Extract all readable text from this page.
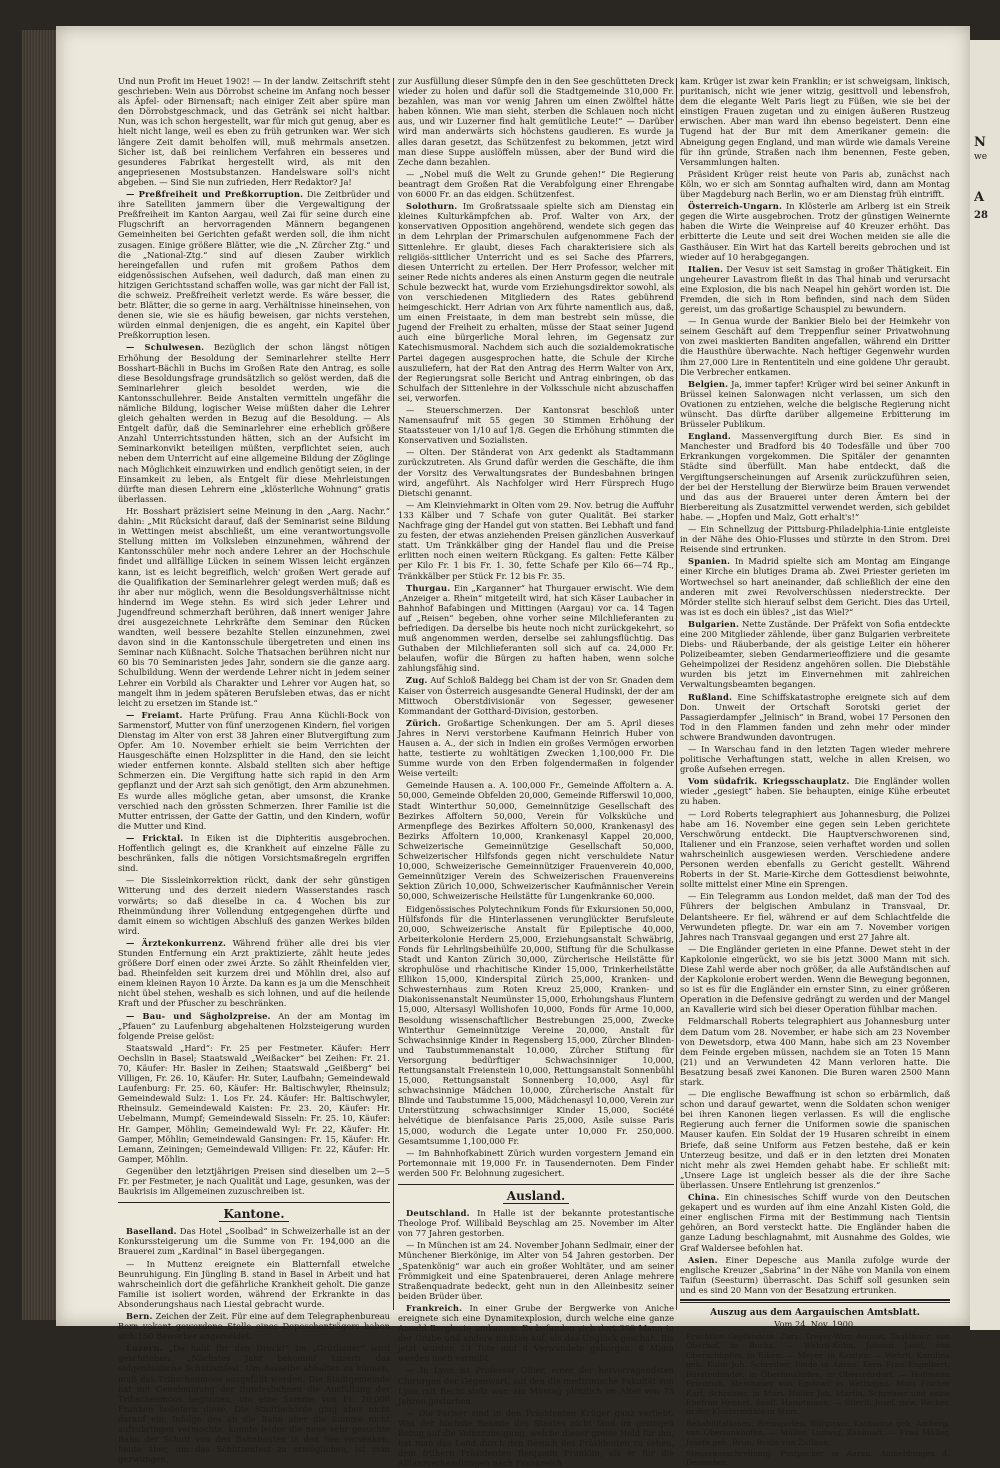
N
we
A
28

Und nun Profit im Heuet 1902! — In der landw. Zeitschrift steht geschrieben: Wein aus Dörrobst scheine im Anfang noch besser als Äpfel- oder Birnensaft; nach einiger Zeit aber spüre man den Dörrobstgeschmack, und das Getränk sei nicht haltbar. Nun, was ich schon hergestellt, war für mich gut genug, aber es hielt nicht lange, weil es eben zu früh getrunken war. Wer sich längere Zeit damit beholfen will, muß mehrmals ansetzen. Sicher ist, daß bei reinlichem Verfahren ein besseres und gesunderes Fabrikat hergestellt wird, als mit den angepriesenen Mostsubstanzen. Handelsware soll's nicht abgeben. — Sind Sie nun zufrieden, Herr Redaktor? Ja!

— Preßfreiheit und Preßkorruption. Die Zeitbrüder und ihre Satelliten jammern über die Vergewaltigung der Preßfreiheit im Kanton Aargau, weil Zai für seine durch eine Flugschrift an hervorragenden Männern begangenen Gemeinheiten bei Gerichten gefaßt werden soll, die ihm nicht zusagen. Einige größere Blätter, wie die „N. Zürcher Ztg.“ und die „National-Ztg.“ sind auf diesen Zauber wirklich hereingefallen und rufen mit großem Pathos dem eidgenössischen Aufsehen, weil dadurch, daß man einen zu hitzigen Gerichtsstand schaffen wolle, was gar nicht der Fall ist, die schweiz. Preßfreiheit verletzt werde. Es wäre besser, die betr. Blätter, die so gerne in aarg. Verhältnisse hineinsehen, von denen sie, wie sie es häufig beweisen, gar nichts verstehen, würden einmal denjenigen, die es angeht, ein Kapitel über Preßkorruption lesen.

— Schulwesen. Bezüglich der schon längst nötigen Erhöhung der Besoldung der Seminarlehrer stellte Herr Bosshart-Bächli in Buchs im Großen Rate den Antrag, es solle diese Besoldungsfrage grundsätzlich so gelöst werden, daß die Seminarlehrer gleich besoldet werden, wie die Kantonsschullehrer. Beide Anstalten vermitteln ungefähr die nämliche Bildung, logischer Weise müßten daher die Lehrer gleich gehalten werden in Bezug auf die Besoldung. — Als Entgelt dafür, daß die Seminarlehrer eine erheblich größere Anzahl Unterrichtsstunden hätten, sich an der Aufsicht im Seminarkonvikt beteiligen müßten, verpflichtet seien, auch neben dem Unterricht auf eine allgemeine Bildung der Zöglinge nach Möglichkeit einzuwirken und endlich genötigt seien, in der Einsamkeit zu leben, als Entgelt für diese Mehrleistungen dürfte man diesen Lehrern eine „klösterliche Wohnung“ gratis überlassen.

Hr. Bosshart präzisiert seine Meinung in den „Aarg. Nachr.“ dahin: „Mit Rücksicht darauf, daß der Seminarist seine Bildung in Wettingen meist abschließt, um eine verantwortungsvolle Stellung mitten im Volksleben einzunehmen, während der Kantonsschüler mehr noch andere Lehrer an der Hochschule findet und allfällige Lücken in seinem Wissen leicht ergänzen kann, ist es leicht begreiflich, welch' großen Wert gerade auf die Qualifikation der Seminarlehrer gelegt werden muß; daß es ihr aber nur möglich, wenn die Besoldungsverhältnisse nicht hindernd im Wege stehn. Es wird sich jeder Lehrer und Jugendfreund schmerzhaft berühren, daß innert weniger Jahre drei ausgezeichnete Lehrkräfte dem Seminar den Rücken wandten, weil bessere bezahlte Stellen einzunehmen, zwei davon sind in die Kantonsschule übergetreten und einen ins Seminar nach Küßnacht. Solche Thatsachen berühren nicht nur 60 bis 70 Seminaristen jedes Jahr, sondern sie die ganze aarg. Schulbildung. Wenn der werdende Lehrer nicht in jedem seiner Lehrer ein Vorbild als Charakter und Lehrer vor Augen hat, so mangelt ihm in jedem späteren Berufsleben etwas, das er nicht leicht zu ersetzen im Stande ist.“

— Freiamt. Harte Prüfung. Frau Anna Küchli-Bock von Sarmenstorf, Mutter von fünf unerzogenen Kindern, fiel vorigen Dienstag im Alter von erst 38 Jahren einer Blutvergiftung zum Opfer. Am 10. November erhielt sie beim Verrichten der Hausgeschäfte einen Holzsplitter in die Hand, den sie leicht wieder entfernen konnte. Alsbald stellten sich aber heftige Schmerzen ein. Die Vergiftung hatte sich rapid in den Arm gepflanzt und der Arzt sah sich genötigt, den Arm abzunehmen. Es wurde alles mögliche getan, aber umsonst, die Kranke verschied nach den grössten Schmerzen. Ihrer Familie ist die Mutter entrissen, der Gatte der Gattin, und den Kindern, wofür die Mutter und Kind.

— Fricktal. In Eiken ist die Diphteritis ausgebrochen. Hoffentlich gelingt es, die Krankheit auf einzelne Fälle zu beschränken, falls die nötigen Vorsichtsmaßregeln ergriffen sind.

— Die Sissleinkorrektion rückt, dank der sehr günstigen Witterung und des derzeit niedern Wasserstandes rasch vorwärts; so daß dieselbe in ca. 4 Wochen bis zur Rheinmündung ihrer Vollendung entgegengehen dürfte und damit einem so wichtigen Abschluß des ganzen Werkes bilden wird.

— Ärztekonkurrenz. Während früher alle drei bis vier Stunden Entfernung ein Arzt praktizierte, zählt heute jedes größere Dorf einen oder zwei Ärzte. So zählt Rheinfelden vier, bad. Rheinfelden seit kurzem drei und Möhlin drei, also auf einem kleinen Rayon 10 Ärzte. Da kann es ja um die Menschheit nicht übel stehen, weshalb es sich lohnen, und auf die heilende Kraft und der Pfuscher zu beschränken.

— Bau- und Sägholzpreise. An der am Montag im „Pfauen“ zu Laufenburg abgehaltenen Holzsteigerung wurden folgende Preise gelöst:

Staatswald „Hard“: Fr. 25 per Festmeter. Käufer: Herr Oechslin in Basel; Staatswald „Weißacker“ bei Zeihen: Fr. 21. 70, Käufer: Hr. Basler in Zeihen; Staatswald „Geißberg“ bei Villigen, Fr. 26. 10, Käufer: Hr. Suter, Laufbahn; Gemeindewald Laufenburg: Fr. 25. 60, Käufer: Hr. Baltischwyler, Rheinsulz; Gemeindewald Sulz: 1. Los Fr. 24. Käufer: Hr. Baltischwyler, Rheinsulz. Gemeindewald Kaisten: Fr. 23. 20, Käufer: Hr. Uebelmann, Mumpf; Gemeindewald Sisseln: Fr. 25. 10, Käufer: Hr. Gamper, Möhlin; Gemeindewald Wyl: Fr. 22, Käufer: Hr. Gamper, Möhlin; Gemeindewald Gansingen: Fr. 15, Käufer: Hr. Lemann, Zeiningen; Gemeindewald Villigen: Fr. 22, Käufer: Hr. Gamper, Möhlin.

Gegenüber den letztjährigen Preisen sind dieselben um 2—5 Fr. per Festmeter, je nach Qualität und Lage, gesunken, was der Baukrisis im Allgemeinen zuzuschreiben ist.

Kantone.

Baselland. Das Hotel „Soolbad“ in Schweizerhalle ist an der Konkurssteigerung um die Summe von Fr. 194,000 an die Brauerei zum „Kardinal“ in Basel übergegangen.

— In Muttenz ereignete ein Blatternfall etwelche Beunruhigung. Ein Jüngling B. stand in Basel in Arbeit und hat wahrscheinlich dort die gefährliche Krankheit geholt. Die ganze Familie ist isoliert worden, während der Erkrankte in das Absonderungshaus nach Liestal gebracht wurde.

Bern. Zeichen der Zeit. Für eine auf dem Telegraphenbureau Bern vakant gewordene Stelle eines Depeschenträgers haben sich 150 Bewerber angemeldet.

Luzern. „Da habt Ihr den Dreck!“ Im „Grütlianer“ wird geschrieben: „Nächstes Jahr bekommt Luzern das eidgenössische Schützenfest. Um dasselbe abhalten zu können, muß das Tribschenmoos ausgefüllt werden. Die Stadtgemeinde hat mit Genehmigung der Bundesbahnen die Ausfüllung der Tribschenmoos begonnen, um eine Summe von Fr. 20,000 Franken beliefern diese. Die Stadtbehörde ging aber nicht darauf ein. Infolge des an die Bahn aber die Summe nicht aufzubringen vermochte, konnte leider die neue sehr gesuchte Bahn der Schutt von den Bahnbauten in den See versenken, heute aber, um das Schützenfest zu ermöglichen, ist man gezwungen,

zur Ausfüllung dieser Sümpfe den in den See geschütteten Dreck wieder zu holen und dafür soll die Stadtgemeinde 310,000 Fr. bezahlen, was man vor wenig Jahren um einen Zwölftel hätte haben können. Wie man sieht, sterben die Schlauen noch nicht aus, und wir Luzerner find halt gemütliche Leute!“ — Darüber wird man anderwärts sich höchstens gaudieren. Es wurde ja alles daran gesetzt, das Schützenfest zu bekommen, jetzt wird man diese Suppe auslöffeln müssen, aber der Bund wird die Zeche dann bezahlen.

— „Nobel muß die Welt zu Grunde gehen!“ Die Regierung beantragt dem Großen Rat die Verabfolgung einer Ehrengabe von 6000 Fr. an das eidgen. Schützenfest.

Solothurn. Im Großratssaale spielte sich am Dienstag ein kleines Kulturkämpfchen ab. Prof. Walter von Arx, der konservativen Opposition angehörend, wendete sich gegen das in dem Lehrplan der Primarschulen aufgenommene Fach der Sittenlehre. Er glaubt, dieses Fach charakterisiere sich als religiös-sittlicher Unterricht und es sei Sache des Pfarrers, diesen Unterricht zu erteilen. Der Herr Professor, welcher mit seiner Rede nichts anderes als einen Ansturm gegen die neutrale Schule bezweckt hat, wurde vom Erziehungsdirektor sowohl, als von verschiedenen Mitgliedern des Rates gebührend heimgeschickt. Herr Adrian von Arx führte namentlich aus, daß, um einen Freistaate, in dem man bestrebt sein müsse, die Jugend der Freiheit zu erhalten, müsse der Staat seiner Jugend auch eine bürgerliche Moral lehren, im Gegensatz zur Katechismusmoral. Nachdem sich auch die sozialdemokratische Partei dagegen ausgesprochen hatte, die Schule der Kirche auszuliefern, hat der Rat den Antrag des Herrn Walter von Arx, der Regierungsrat solle Bericht und Antrag einbringen, ob das Schulfach der Sittenlehre in der Volksschule nicht abzuschaffen sei, verworfen.

— Steuerschmerzen. Der Kantonsrat beschloß unter Namensaufruf mit 55 gegen 30 Stimmen Erhöhung der Staatssteuer von 1/10 auf 1/8. Gegen die Erhöhung stimmten die Konservativen und Sozialisten.

— Olten. Der Ständerat von Arx gedenkt als Stadtammann zurückzutreten. Als Grund dafür werden die Geschäfte, die ihm der Vorsitz des Verwaltungsrates der Bundesbahnen bringen wird, angeführt. Als Nachfolger wird Herr Fürsprech Hugo Dietschi genannt.

— Am Kleinviehmarkt in Olten vom 29. Nov. betrug die Auffuhr 133 Kälber und 7 Schafe von guter Qualität. Bei starker Nachfrage ging der Handel gut von statten. Bei Lebhaft und fand zu festen, der etwas anziehenden Preisen gänzlichen Ausverkauf statt. Um Tränkkälber ging der Handel flau und die Preise erlitten noch einen weitern Rückgang. Es galten: Fette Kälber per Kilo Fr. 1 bis Fr. 1. 30, fette Schafe per Kilo 66—74 Rp., Tränkkälber per Stück Fr. 12 bis Fr. 35.

Thurgau. Ein „Karganner“ hat Thurgauer erwischt. Wie dem „Anzeiger a. Rhein“ mitgeteilt wird, hat sich Käser Laubacher in Bahnhof Bafabingen und Mittingen (Aargau) vor ca. 14 Tagen auf „Reisen“ begeben, ohne vorher seine Milchlieferanten zu befriedigen. Da derselbe bis heute noch nicht zurückgekehrt, so muß angenommen werden, derselbe sei zahlungsflüchtig. Das Guthaben der Milchlieferanten soll sich auf ca. 24,000 Fr. belaufen, wofür die Bürgen zu haften haben, wenn solche zahlungsfähig sind.

Zug. Auf Schloß Baldegg bei Cham ist der von Sr. Gnaden dem Kaiser von Österreich ausgesandte General Hudinski, der der am Mittwoch Oberstdivisionär von Segesser, gewesener Kommandant der Gotthard-Division, gestorben.

Zürich. Großartige Schenkungen. Der am 5. April dieses Jahres in Nervi verstorbene Kaufmann Heinrich Huber von Hausen a. A., der sich in Indien ein großes Vermögen erworben hatte, testierte zu wohltätigen Zwecken 1,100,000 Fr. Die Summe wurde von den Erben folgendermaßen in folgender Weise verteilt:

Gemeinde Hausen a. A. 100,000 Fr., Gemeinde Affoltern a. A. 50,000, Gemeinde Obfelden 20,000, Gemeinde Rifferswil 10,000, Stadt Winterthur 50,000, Gemeinnützige Gesellschaft des Bezirkes Affoltern 50,000, Verein für Volksküche und Armenpflege des Bezirkes Affoltern 50,000, Krankenasyl des Bezirks Affoltern 10,000, Krankenasyl Kappel 20,000, Schweizerische Gemeinnützige Gesellschaft 50,000, Schweizerischer Hilfsfonds gegen nicht verschuldete Natur 10,000, Schweizerische Gemeinnütziger Frauenverein 40,000, Gemeinnütziger Verein des Schweizerischen Frauenvereins Sektion Zürich 10,000, Schweizerischer Kaufmännischer Verein 50,000, Schweizerische Heilstätte für Lungenkranke 60,000.

Eidgenössisches Polytechnikum Fonds für Exkursionen 50,000, Hülfsfonds für die Hinterlassenen verunglückter Berufsleute 20,000, Schweizerische Anstalt für Epileptische 40,000, Arbeiterkolonie Herdern 25,000, Erziehungsanstalt Schwäbrig, Fonds für Lehrlingsbeihülfe 20,000, Stiftung für die Schulkasse Stadt und Kanton Zürich 30,000, Zürcherische Heilstätte für skrophulöse und rhachitische Kinder 15,000, Trinkerheilstätte Ellikon 15,000, Kinderspital Zürich 25,000, Kranken- und Schwesternhaus zum Roten Kreuz 25,000, Kranken- und Diakonissenanstalt Neumünster 15,000, Erholungshaus Fluntern 15,000, Altersasyl Wollishofen 10,000, Fonds für Arme 10,000, Besoldung wissenschaftlicher Bestrebungen 25,000, Zwecke Winterthur Gemeinnützige Vereine 20,000, Anstalt für Schwachsinnige Kinder in Regensberg 15,000, Zürcher Blinden- und Taubstummenanstalt 10,000, Zürcher Stiftung für Versorgung bedürftiger Schwachsinniger 10,000, Rettungsanstalt Freienstein 10,000, Rettungsanstalt Sonnenbühl 15,000, Rettungsanstalt Sonnenberg 10,000, Asyl für schwachsinnige Mädchen 10,000, Zürcherische Anstalt für Blinde und Taubstumme 15,000, Mädchenasyl 10,000, Verein zur Unterstützung schwachsinniger Kinder 15,000, Société helvétique de bienfaisance Paris 25,000, Asile suisse Paris 15,000, wodurch die Legate unter 10,000 Fr. 250,000. Gesamtsumme 1,100,000 Fr.

— Im Bahnhofkabinett Zürich wurden vorgestern Jemand ein Portemonnaie mit 19,000 Fr. in Tausendernoten. Dem Finder werden 500 Fr. Belohnung zugesichert.

Ausland.

Deutschland. In Halle ist der bekannte protestantische Theologe Prof. Willibald Beyschlag am 25. November im Alter von 77 Jahren gestorben.

— In München ist am 24. November Johann Sedlmair, einer der Münchener Bierkönige, im Alter von 54 Jahren gestorben. Der „Spatenkönig“ war auch ein großer Wohltäter, und am seiner Frömmigkeit und eine Spatenbrauerei, deren Anlage mehrere Straßenquadrate bedeckt, geht nun in den Alleinbesitz seiner beiden Brüder über.

Frankreich. In einer Grube der Bergwerke von Aniche ereignete sich eine Dynamitexplosion, durch welche eine ganze Anzahl Bergleute umkamen. Es befanden sich dort 300 Mann in der Grube und andere mußten auf, als das Unglück geschah. Bis jetzt wurden 13 Tote und 8 Verwundete geborgen. 8 Mann werden noch vermißt.

— In Lyon ist Professor Ollier, einer der hervorragendsten Chirurgen der Gegenwart, auf den die medizinische Fakultät von Lyon mit Recht stolz war, am Montag plötzlich im Alter von 75 Jahren gestorben.

— Die Pariser sind in den Präsidenten Krüger ganz verliebt. Was der höchste Beamte des Staates nicht fand im geringen Bezug auf die Volkszuneigung, welche dieser greise Held für ihn, hat man das Land durch den Besuch des Präsidenten zu sehen, dem frühern Präsidenten Benjamin Franklin, als er für die Allianzverhandlungen nach Frankreich

kam. Krüger ist zwar kein Franklin; er ist schweigsam, linkisch, puritanisch, nicht wie jener witzig, gesittvoll und lebensfroh, dem die elegante Welt Paris liegt zu Füßen, wie sie bei der einstigen Frauen zugetan und zu einigen äußeren Rustzeug erwischen. Aber man ward ihn ebenso begeistert. Denn eine Tugend hat der Bur mit dem Amerikaner gemein: die Abneigung gegen England, und man würde wie damals Vereine für ihn gründe, Straßen nach ihm benennen, Feste geben, Versammlungen halten.

Präsident Krüger reist heute von Paris ab, zunächst nach Köln, wo er sich am Sonntag aufhalten wird, dann am Montag über Magdeburg nach Berlin, wo er am Dienstag früh eintrifft.

Österreich-Ungarn. In Klösterle am Arlberg ist ein Streik gegen die Wirte ausgebrochen. Trotz der günstigen Weinernte haben die Wirte die Weinpreise auf 40 Kreuzer erhöht. Das erbitterte die Leute und seit drei Wochen meiden sie alle die Gasthäuser. Ein Wirt hat das Kartell bereits gebrochen und ist wieder auf 10 herabgegangen.

Italien. Der Vesuv ist seit Samstag in großer Thätigkeit. Ein ungeheurer Lavastrom fließt in das Thal hinab und verursacht eine Explosion, die bis nach Neapel hin gehört worden ist. Die Fremden, die sich in Rom befinden, sind nach dem Süden gereist, um das großartige Schauspiel zu bewundern.

— In Genua wurde der Bankier Bielo bei der Heimkehr von seinem Geschäft auf dem Treppenflur seiner Privatwohnung von zwei maskierten Banditen angefallen, während ein Dritter die Hausthüre überwachte. Nach heftiger Gegenwehr wurden ihm 27,000 Lire in Rententiteln und eine goldene Uhr geraubt. Die Verbrecher entkamen.

Belgien. Ja, immer tapfer! Krüger wird bei seiner Ankunft in Brüssel keinen Salonwagen nicht verlassen, um sich den Ovationen zu entziehen, welche die belgische Regierung nicht wünscht. Das dürfte darüber allgemeine Erbitterung im Brüsseler Publikum.

England. Massenvergiftung durch Bier. Es sind in Manchester und Bradford bis 40 Todesfälle und über 700 Erkrankungen vorgekommen. Die Spitäler der genannten Städte sind überfüllt. Man habe entdeckt, daß die Vergiftungserscheinungen auf Arsenik zurückzuführen seien, der bei der Herstellung der Bierwürze beim Brauen verwendet und das aus der Brauerei unter deren Ämtern bei der Bierbereitung als Zusatzmittel verwendet werden, sich gebildet habe. — „Hopfen und Malz, Gott erhalt's!“

— Ein Schnellzug der Pittsburg-Philadelphia-Linie entgleiste in der Nähe des Ohio-Flusses und stürzte in den Strom. Drei Reisende sind ertrunken.

Spanien. In Madrid spielte sich am Montag am Eingange einer Kirche ein blutiges Drama ab. Zwei Priester gerieten im Wortwechsel so hart aneinander, daß schließlich der eine den anderen mit zwei Revolverschüssen niederstreckte. Der Mörder stellte sich hierauf selbst dem Gericht. Dies das Urteil, was ist es doch ein übles? „ist das Wiel?“

Bulgarien. Nette Zustände. Der Präfekt von Sofia entdeckte eine 200 Mitglieder zählende, über ganz Bulgarien verbreitete Diebs- und Räuberbande, der als geistige Leiter ein höherer Polizeibeamter, sieben Gendarmerieoffiziere und die gesamte Geheimpolizei der Residenz angehören sollen. Die Diebstähle wurden bis jetzt im Einvernehmen mit zahlreichen Verwaltungsbeamten begangen.

Rußland. Eine Schiffskatastrophe ereignete sich auf dem Don. Unweit der Ortschaft Sorotski geriet der Passagierdampfer „Jelinisch“ in Brand, wobei 17 Personen den Tod in den Flammen fanden und zehn mehr oder minder schwere Brandwunden davontrugen.

— In Warschau fand in den letzten Tagen wieder mehrere politische Verhaftungen statt, welche in allen Kreisen, wo große Aufsehen erregen.

Vom südafrik. Kriegsschauplatz. Die Engländer wollen wieder „gesiegt“ haben. Sie behaupten, einige Kühe erbeutet zu haben.

— Lord Roberts telegraphiert aus Johannesburg, die Polizei habe am 16. November eine gegen sein Leben gerichtete Verschwörung entdeckt. Die Hauptverschworenen sind, Italiener und ein Franzose, seien verhaftet worden und sollen wahrscheinlich ausgewiesen werden. Verschiedene andere Personen werden ebenfalls zu Gericht gestellt. Während Roberts in der St. Marie-Kirche dem Gottesdienst beiwohnte, sollte mittelst einer Mine ein Sprengen.

— Ein Telegramm aus London meldet, daß man der Tod des Führers der belgischen Ambulanz in Transvaal, Dr. Delantsheere. Er fiel, während er auf dem Schlachtfelde die Verwundeten pflegte. Dr. war ein am 7. November vorigen Jahres nach Transvaal gegangen und erst 27 Jahre alt.

— Die Engländer gerieten in eine Pfanne. Dewet steht in der Kapkolonie eingerückt, wo sie bis jetzt 3000 Mann mit sich. Diese Zahl werde aber noch größer, da alle Aufständischen auf der Kapkolonie erobert werden. Wenn die Bewegung begonnen, so ist es für die Engländer ein ernster Sinn, zu einer größeren Operation in die Defensive gedrängt zu werden und der Mangel an Kavallerie wird sich bei dieser Operation fühlbar machen.

Feldmarschall Roberts telegraphiert aus Johannesburg unter dem Datum vom 28. November, er habe sich am 23 November von Dewetsdorp, etwa 400 Mann, habe sich am 23 November dem Feinde ergeben müssen, nachdem sie an Toten 15 Mann (21) und an Verwundeten 42 Mann verloren hatte. Die Besatzung besaß zwei Kanonen. Die Buren waren 2500 Mann stark.

— Die englische Bewaffnung ist schon so erbärmlich, daß schon und darauf gewartet, wenn die Soldaten schon weniger bei ihren Kanonen liegen verlassen. Es will die englische Regierung auch ferner die Uniformen sowie die spanischen Mauser kaufen. Ein Soldat der 19 Husaren schreibt in einem Briefe, daß seine Uniform aus Fetzen bestehe, daß er kein Unterzeug besitze, und daß er in den letzten drei Monaten nicht mehr als zwei Hemden gehabt habe. Er schließt mit: „Unsere Lage ist ungleich besser als die der ihre Sache überlassen. Unsere Entlehrung ist grenzenlos.“

China. Ein chinesisches Schiff wurde von den Deutschen gekapert und es wurden auf ihm eine Anzahl Kisten Gold, die einer englischen Firma mit der Bestimmung nach Tientsin gehören, an Bord versteckt hatte. Die Engländer haben die ganze Ladung beschlagnahmt, mit Ausnahme des Goldes, wie Graf Waldersee befohlen hat.

Asien. Einer Depesche aus Manila zufolge wurde der englische Kreuzer „Sabrina“ in der Nähe von Manila von einem Taifun (Seesturm) überrascht. Das Schiff soll gesunken sein und es sind 20 Mann von der Besatzung ertrunken.

Auszug aus dem Aargauischen Amtsblatt.
Vom 24. Nov. 1900.

Fruchtlos Gepfändete. Zurz. Treyer-Wirz August, Taglöhner, von Oberhof, in Buchs. — Wehrli-Kuhn, Johann Josef, von Oberschüpfen, in Eiken. — Meyer, in Kaisten. — Wehrli, Karolina geb. Kuhn Joh. Schreiber, Beide in Aarau. Kern Frau Engelbert, Bürstenbinder, in Oberlunkhofen, in Oberrohrdorf. — Hoffmann Friedrich, Steinhauer von Egolzwil in Wettingen. Muri Fischer Karl, Schreiner, in Muri. Huber Joh. Martin, Schreiner und seine Ehefrau Hennet. Seidl. Hauptmann. — Stierli, Josef, gew. Bäcker, in der Klostermühle in Muri.

Rehabilitationen. Bremgarten. Bürgisser, Katharina geb. Amberg, von Oberlunkhofen. — Müller, Ludwig, Zahlinaft. — Frau Müller, Josefa geb. Brun, Beide von Zufikon.

Steuerausschreibung. Postpacker in Aarau. Anmeldungen 4. Dezember.
